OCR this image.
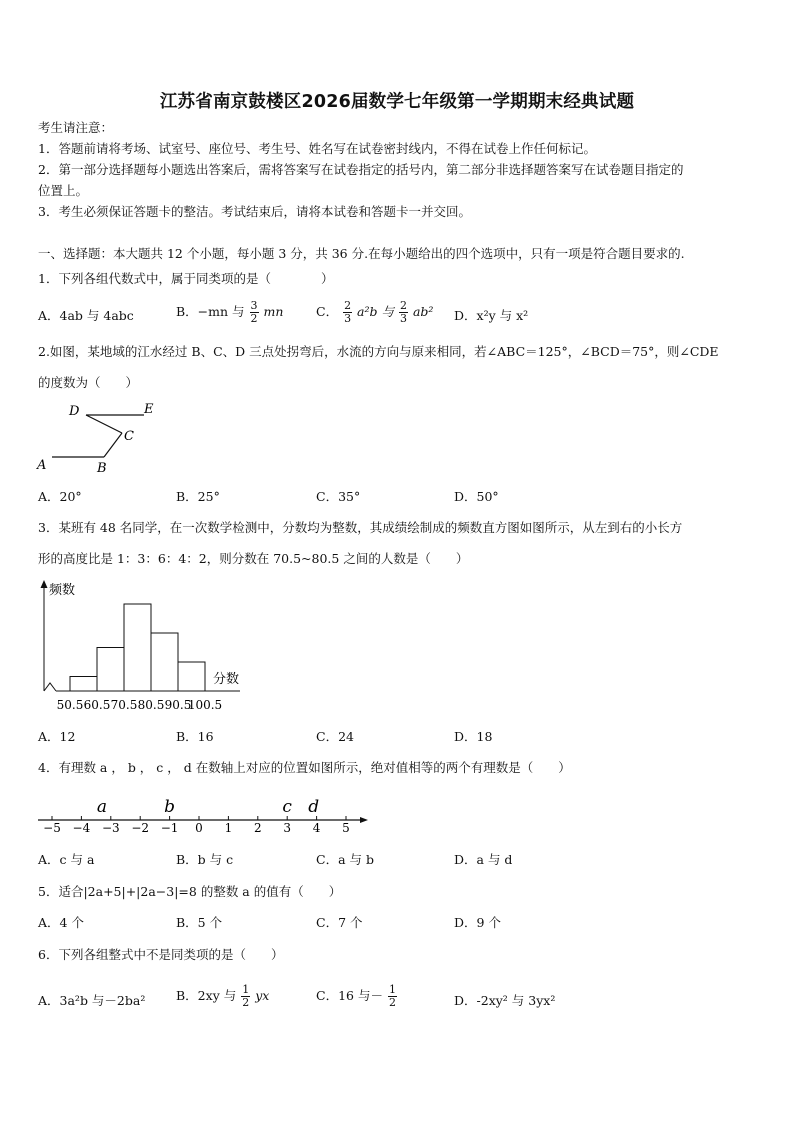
江苏省南京鼓楼区2026届数学七年级第一学期期末经典试题
考生请注意：
1．答题前请将考场、试室号、座位号、考生号、姓名写在试卷密封线内，不得在试卷上作任何标记。
2．第一部分选择题每小题选出答案后，需将答案写在试卷指定的括号内，第二部分非选择题答案写在试卷题目指定的
位置上。
3．考生必须保证答题卡的整洁。考试结束后，请将本试卷和答题卡一并交回。
一、选择题：本大题共 12 个小题，每小题 3 分，共 36 分.在每小题给出的四个选项中，只有一项是符合题目要求的.
1．下列各组代数式中，属于同类项的是（　　　　）
A．4ab 与 4abc	B．−mn 与 $\frac{3}{2}$ mn	C． $\frac{2}{3} a^2b$ 与 $\frac{2}{3} ab^2$ D．x²y 与 x²
2.如图，某地域的江水经过 B、C、D 三点处拐弯后，水流的方向与原来相同，若∠ABC＝125°，∠BCD＝75°，则∠CDE
的度数为（　　）
A	B
C
D	E
A．20°	B．25°	C．35°	D．50°
3．某班有 48 名同学，在一次数学检测中，分数均为整数，其成绩绘制成的频数直方图如图所示，从左到右的小长方
形的高度比是 1：3：6：4：2，则分数在 70.5~80.5 之间的人数是（　　）
频数
分数
50.5 60.5 70.5 80.5 90.5
100.5
A．12	B．16	C．24	D．18
4．有理数 a ， b ， c ， d 在数轴上对应的位置如图所示，绝对值相等的两个有理数是（　　）
−5 −4 −3 −2 −1 0 1 2 3 4 5
a	b	c d
A．c 与 a	B．b 与 c	C．a 与 b	D．a 与 d
5．适合|2a+5|+|2a−3|=8 的整数 a 的值有（　　）
A．4 个	B．5 个	C．7 个	D．9 个
6．下列各组整式中不是同类项的是（　　）
A．3a²b 与－2ba² B．2xy 与 $\frac{1}{2}$ yx	C．16 与－ $\frac{1}{2}$	D．-2xy² 与 3yx²
